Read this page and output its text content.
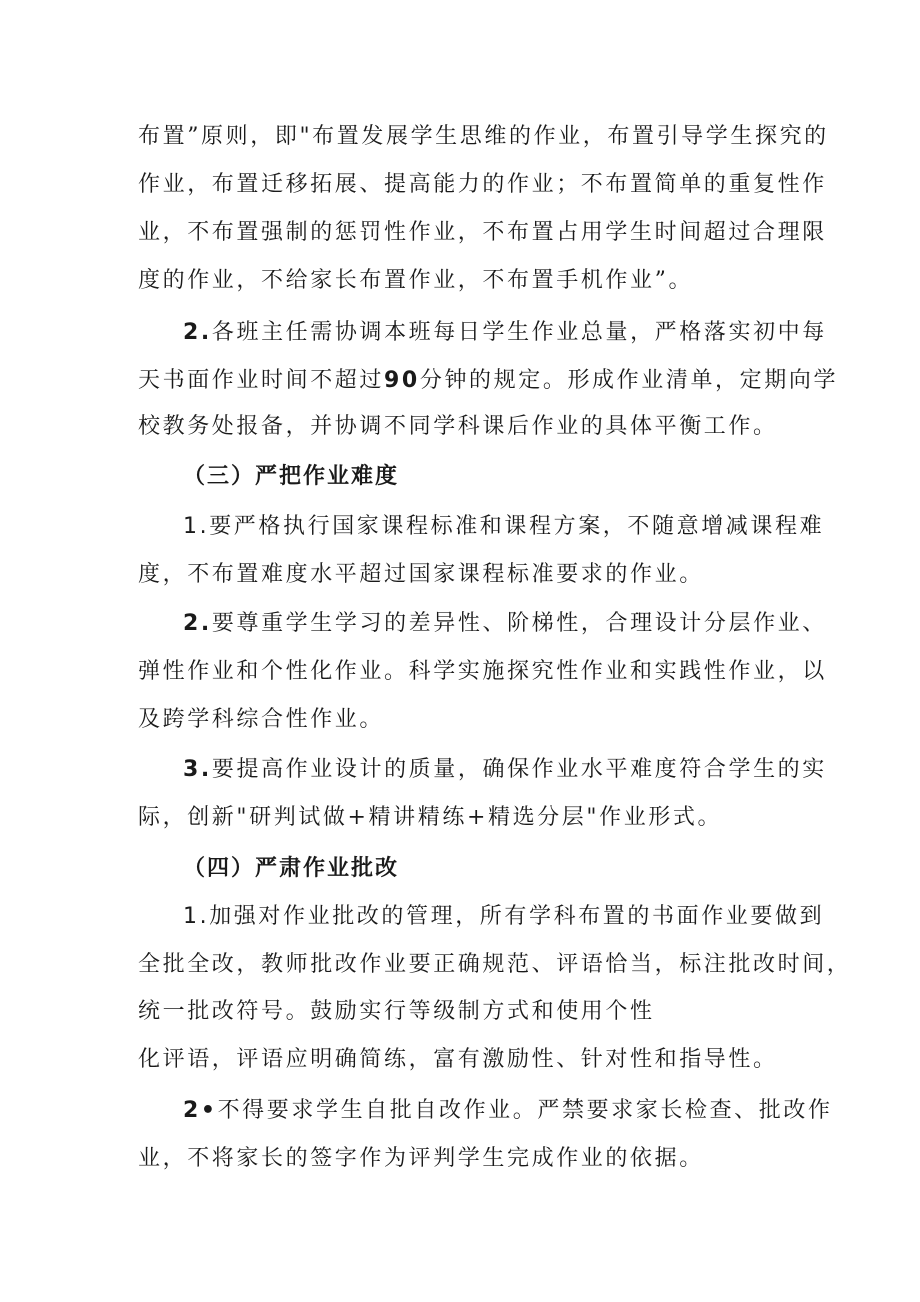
布置”原则，即"布置发展学生思维的作业，布置引导学生探究的
作业，布置迁移拓展、提高能力的作业；不布置简单的重复性作
业，不布置强制的惩罚性作业，不布置占用学生时间超过合理限
度的作业，不给家长布置作业，不布置手机作业”。
2.各班主任需协调本班每日学生作业总量，严格落实初中每
天书面作业时间不超过90分钟的规定。形成作业清单，定期向学
校教务处报备，并协调不同学科课后作业的具体平衡工作。
（三）严把作业难度
1.要严格执行国家课程标准和课程方案，不随意增减课程难
度，不布置难度水平超过国家课程标准要求的作业。
2.要尊重学生学习的差异性、阶梯性，合理设计分层作业、
弹性作业和个性化作业。科学实施探究性作业和实践性作业，以
及跨学科综合性作业。
3.要提高作业设计的质量，确保作业水平难度符合学生的实
际，创新"研判试做+精讲精练+精选分层"作业形式。
（四）严肃作业批改
1.加强对作业批改的管理，所有学科布置的书面作业要做到
全批全改，教师批改作业要正确规范、评语恰当，标注批改时间，
统一批改符号。鼓励实行等级制方式和使用个性
化评语，评语应明确简练，富有激励性、针对性和指导性。
2•不得要求学生自批自改作业。严禁要求家长检查、批改作
业，不将家长的签字作为评判学生完成作业的依据。
